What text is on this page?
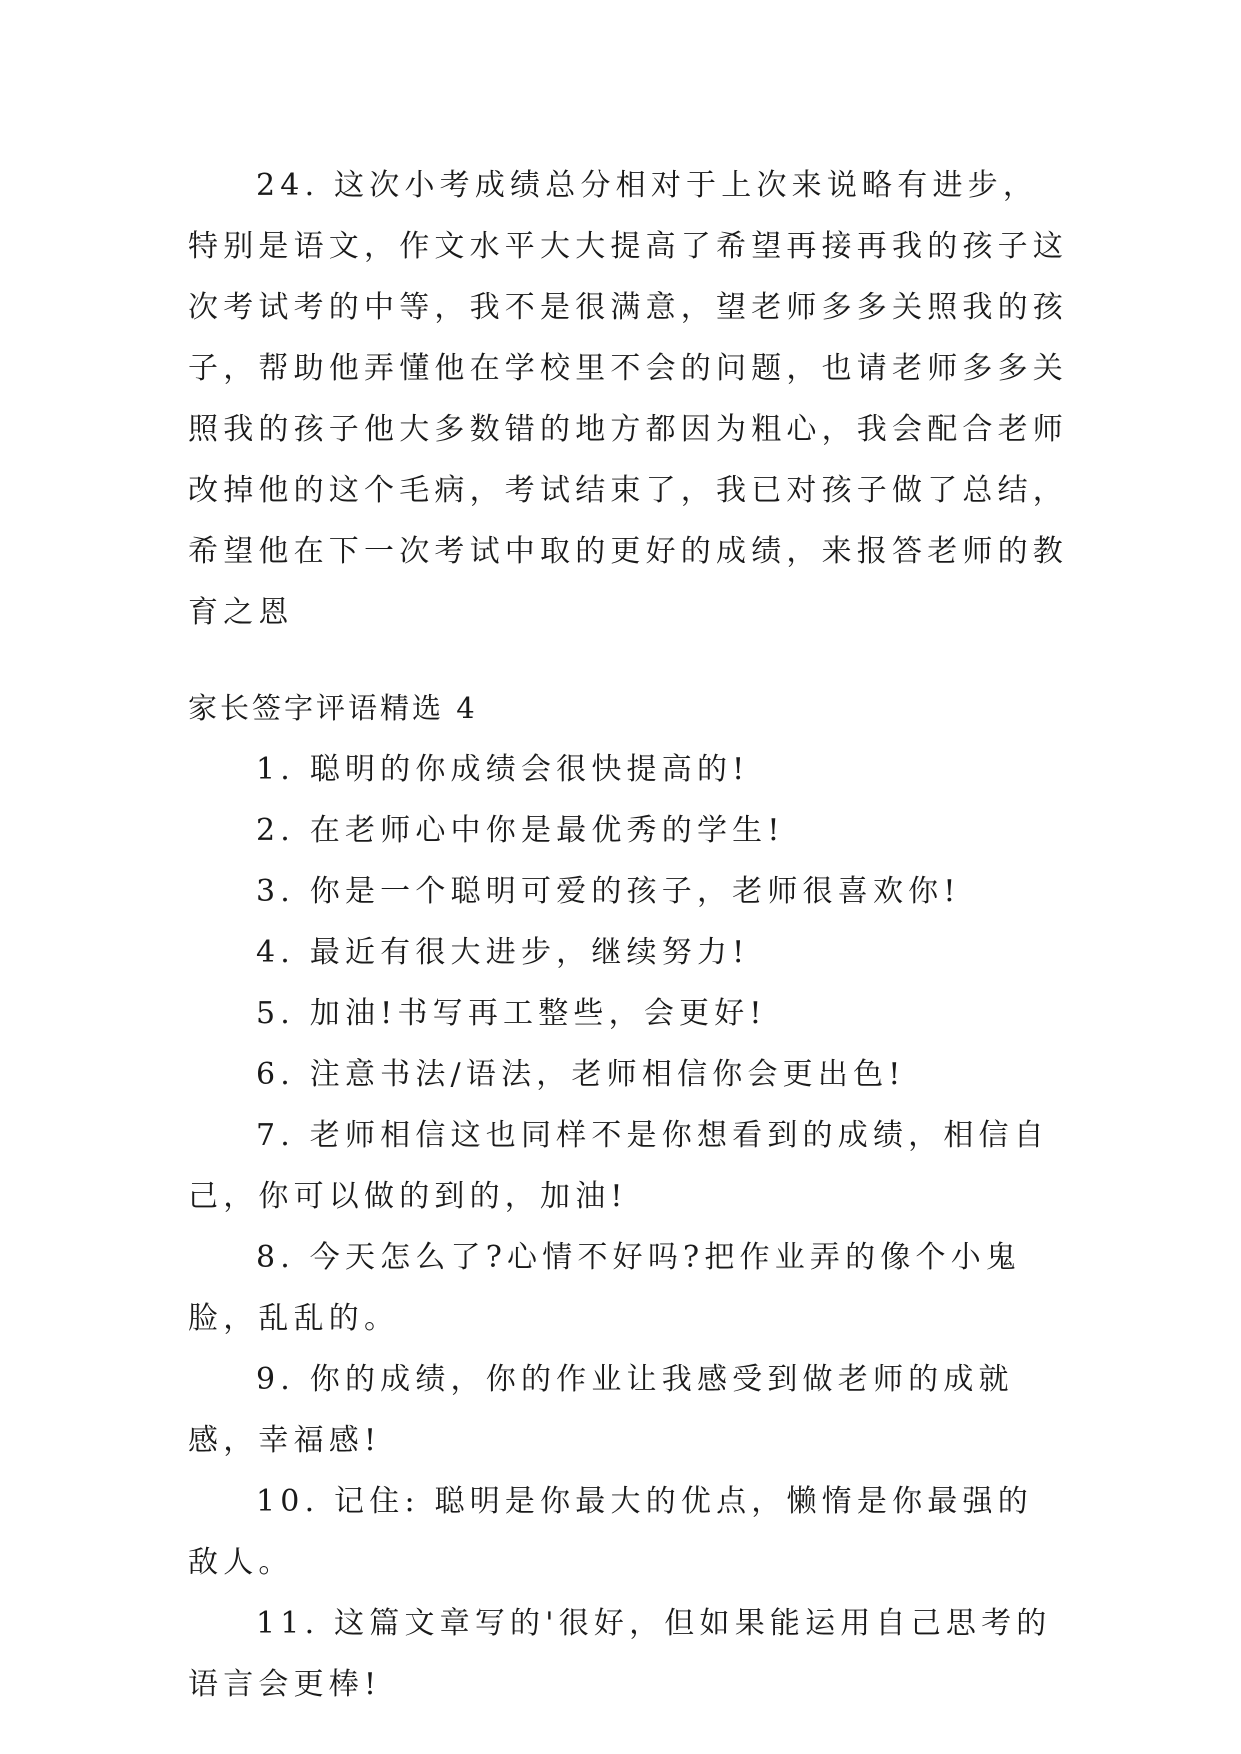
24. 这次小考成绩总分相对于上次来说略有进步，特别是语文，作文水平大大提高了希望再接再我的孩子这次考试考的中等，我不是很满意，望老师多多关照我的孩子，帮助他弄懂他在学校里不会的问题，也请老师多多关照我的孩子他大多数错的地方都因为粗心，我会配合老师改掉他的这个毛病，考试结束了，我已对孩子做了总结，希望他在下一次考试中取的更好的成绩，来报答老师的教育之恩

家长签字评语精选 4

1. 聪明的你成绩会很快提高的!

2. 在老师心中你是最优秀的学生!

3. 你是一个聪明可爱的孩子，老师很喜欢你!

4. 最近有很大进步，继续努力!

5. 加油!书写再工整些，会更好!

6. 注意书法/语法，老师相信你会更出色!

7. 老师相信这也同样不是你想看到的成绩，相信自己，你可以做的到的，加油!

8. 今天怎么了?心情不好吗?把作业弄的像个小鬼脸，乱乱的。

9. 你的成绩，你的作业让我感受到做老师的成就感，幸福感!

10. 记住: 聪明是你最大的优点，懒惰是你最强的敌人。

11. 这篇文章写的'很好，但如果能运用自己思考的语言会更棒!
